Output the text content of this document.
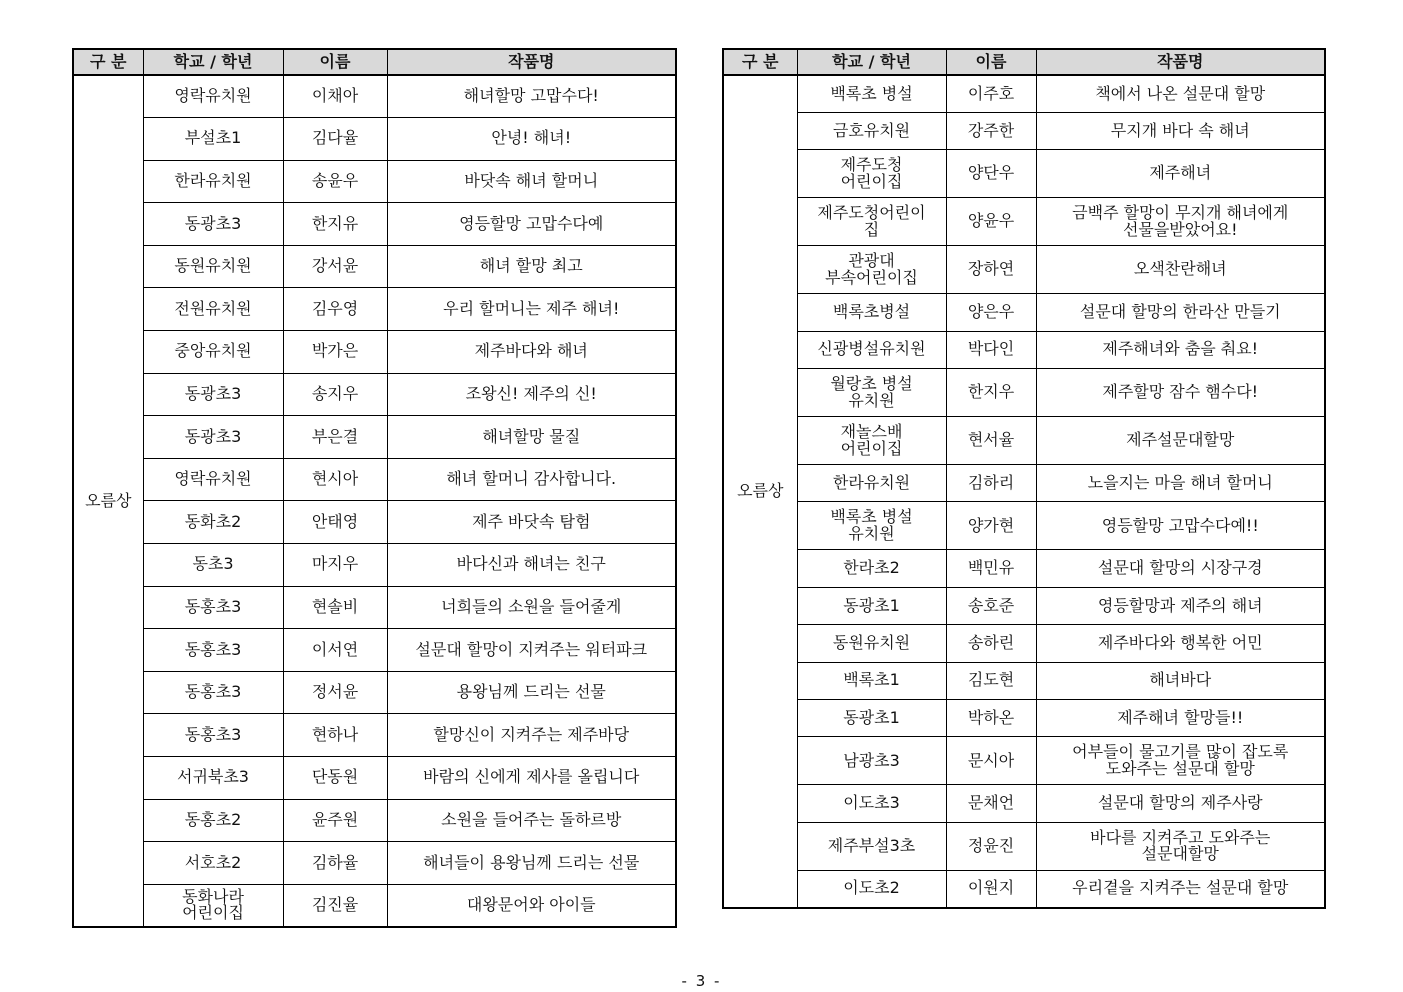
구 분	학교 / 학년	이름	작품명
오름상	영락유치원	이채아	해녀할망 고맙수다!
	부설초1	김다율	안녕! 해녀!
	한라유치원	송윤우	바닷속 해녀 할머니
	동광초3	한지유	영등할망 고맙수다예
	동원유치원	강서윤	해녀 할망 최고
	전원유치원	김우영	우리 할머니는 제주 해녀!
	중앙유치원	박가은	제주바다와 해녀
	동광초3	송지우	조왕신! 제주의 신!
	동광초3	부은결	해녀할망 물질
	영락유치원	현시아	해녀 할머니 감사합니다.
	동화초2	안태영	제주 바닷속 탐험
	동초3	마지우	바다신과 해녀는 친구
	동홍초3	현솔비	너희들의 소원을 들어줄게
	동홍초3	이서연	설문대 할망이 지켜주는 워터파크
	동홍초3	정서윤	용왕님께 드리는 선물
	동홍초3	현하나	할망신이 지켜주는 제주바당
	서귀북초3	단동원	바람의 신에게 제사를 올립니다
	동홍초2	윤주원	소원을 들어주는 돌하르방
	서호초2	김하율	해녀들이 용왕님께 드리는 선물
	동화나라
어린이집	김진율	대왕문어와 아이들
구 분	학교 / 학년	이름	작품명
오름상	백록초 병설	이주호	책에서 나온 설문대 할망
	금호유치원	강주한	무지개 바다 속 해녀
	제주도청
어린이집	양단우	제주해녀
	제주도청어린이
집	양윤우	금백주 할망이 무지개 해녀에게
선물을받았어요!
	관광대
부속어린이집	장하연	오색찬란해녀
	백록초병설	양은우	설문대 할망의 한라산 만들기
	신광병설유치원	박다인	제주해녀와 춤을 춰요!
	월랑초 병설
유치원	한지우	제주할망 잠수 햄수다!
	재놀스배
어린이집	현서율	제주설문대할망
	한라유치원	김하리	노을지는 마을 해녀 할머니
	백록초 병설
유치원	양가현	영등할망 고맙수다예!!
	한라초2	백민유	설문대 할망의 시장구경
	동광초1	송호준	영등할망과 제주의 해녀
	동원유치원	송하린	제주바다와 행복한 어민
	백록초1	김도현	해녀바다
	동광초1	박하온	제주해녀 할망들!!
	남광초3	문시아	어부들이 물고기를 많이 잡도록
도와주는 설문대 할망
	이도초3	문채언	설문대 할망의 제주사랑
	제주부설3초	정윤진	바다를 지켜주고 도와주는
설문대할망
	이도초2	이원지	우리곁을 지켜주는 설문대 할망
- 3 -
